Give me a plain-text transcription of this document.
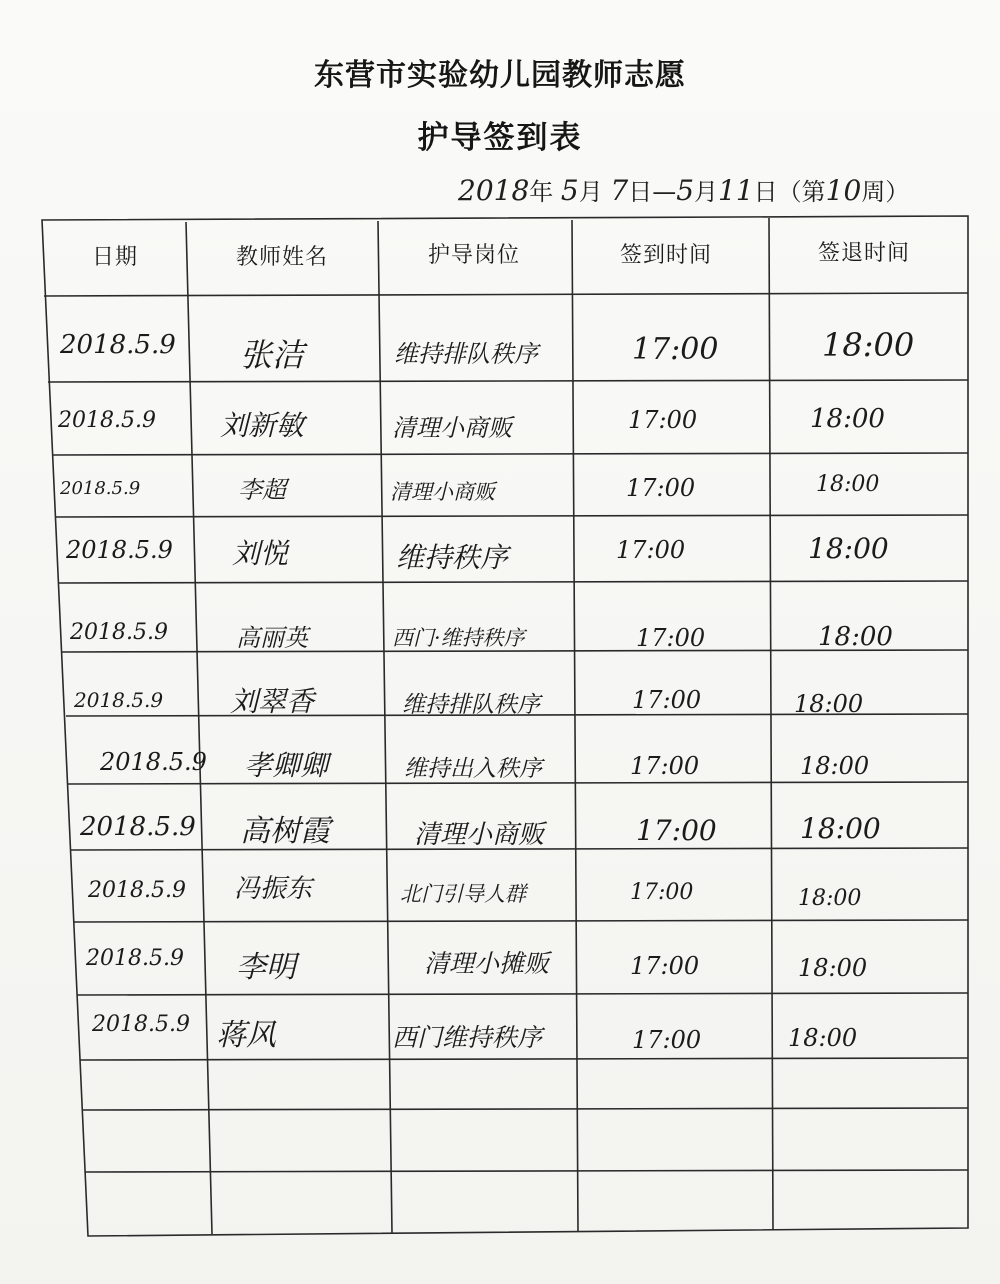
东营市实验幼儿园教师志愿
护导签到表
2018年 5月 7日—5月11日（第10周）
日期	教师姓名	护导岗位	签到时间	签退时间
2018.5.9 张洁	维持排队秩序	17:00	18:00
2018.5.9 刘新敏	清理小商贩	17:00	18:00
2018.5.9	李超	清理小商贩	17:00	18:00
2018.5.9 刘悦	维持秩序	17:00	18:00
2018.5.9	高丽英	西门·维持秩序	17:00	18:00
2018.5.9 刘翠香	维持排队秩序	17:00	18:00
2018.5.9 孝卿卿	维持出入秩序	17:00	18:00
2018.5.9 高树霞	清理小商贩	17:00	18:00
2018.5.9 冯振东	北门引导人群	17:00	18:00
2018.5.9 李明	清理小摊贩	17:00	18:00
2018.5.9 蒋风	西门维持秩序	17:00	18:00
